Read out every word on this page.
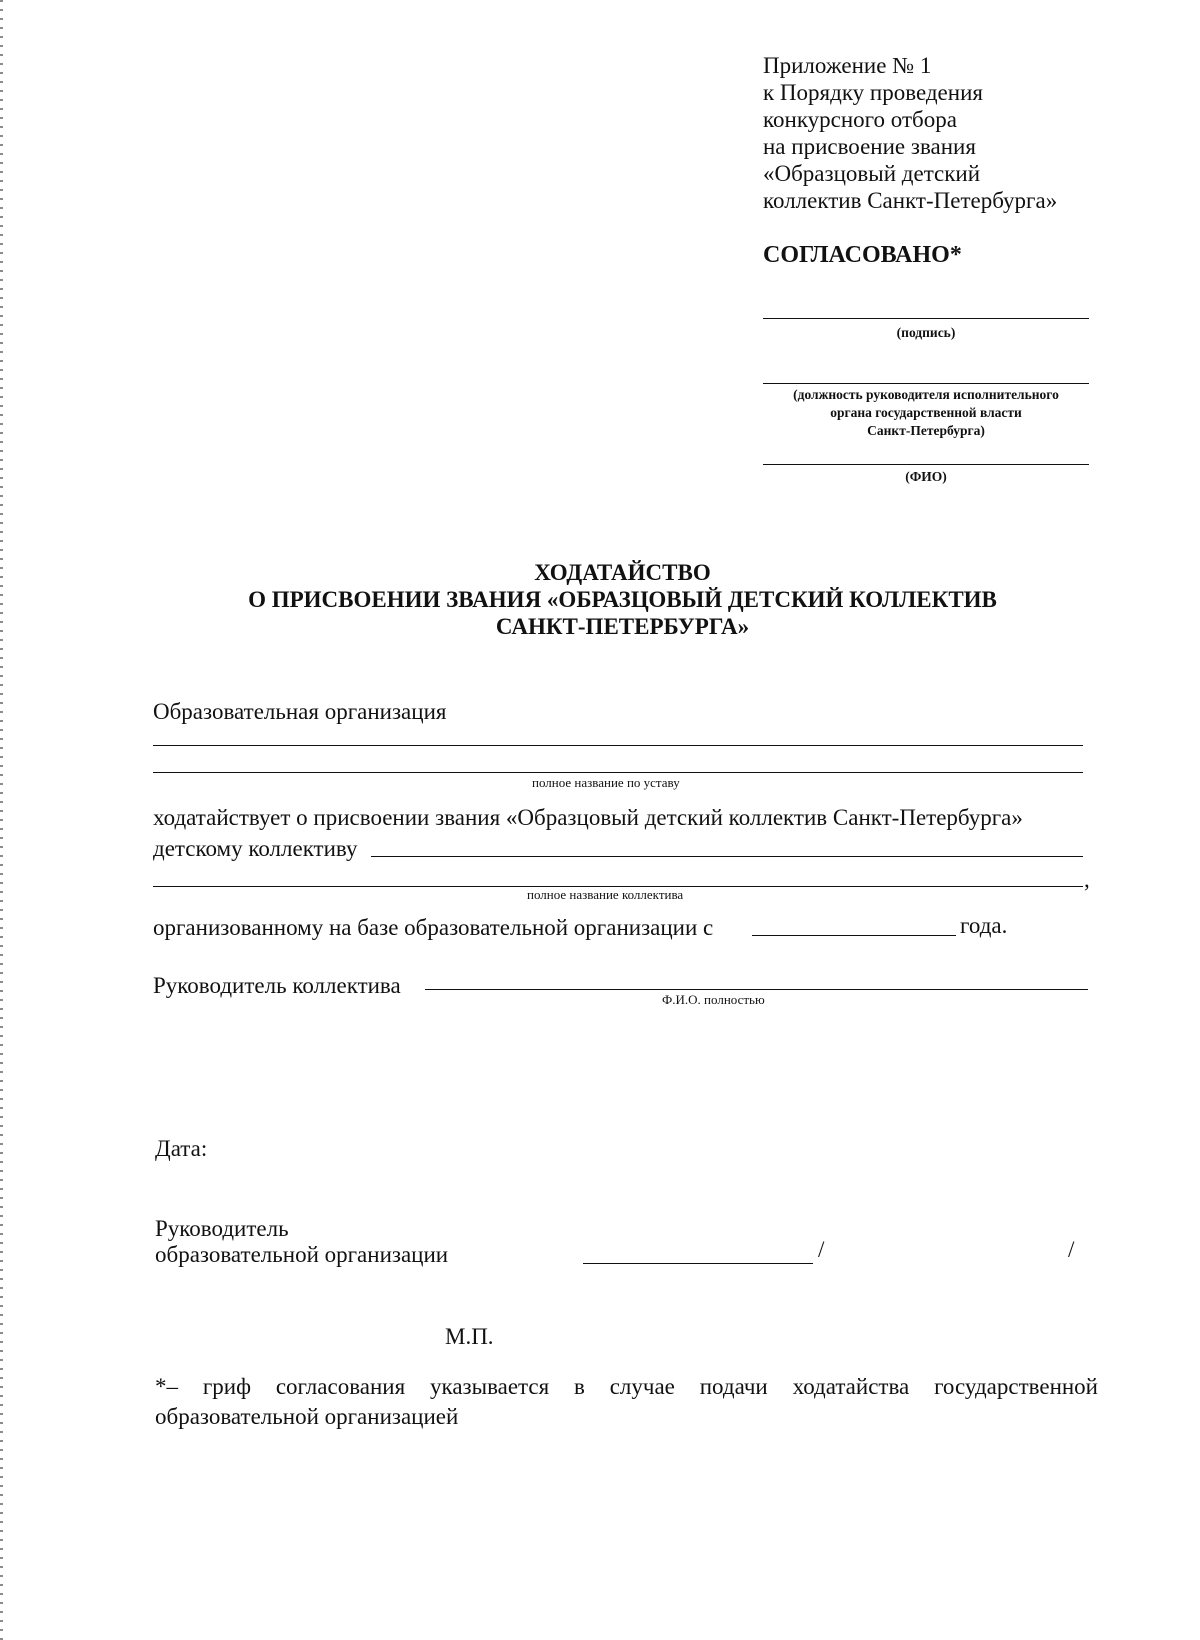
Приложение № 1
к Порядку проведения
конкурсного отбора
на присвоение звания
«Образцовый детский
коллектив Санкт-Петербурга»
СОГЛАСОВАНО*
(подпись)
(должность руководителя исполнительного
органа государственной власти
Санкт-Петербурга)
(ФИО)
ХОДАТАЙСТВО
О ПРИСВОЕНИИ ЗВАНИЯ «ОБРАЗЦОВЫЙ ДЕТСКИЙ КОЛЛЕКТИВ
САНКТ-ПЕТЕРБУРГА»
Образовательная организация
полное название по уставу
ходатайствует о присвоении звания «Образцовый детский коллектив Санкт-Петербурга»
детскому коллективу
,
полное название коллектива
организованному на базе образовательной организации с	года.
Руководитель коллектива
Ф.И.О. полностью
Дата:
Руководитель
образовательной организации	/	/
М.П.
*– гриф согласования указывается в случае подачи ходатайства государственной
образовательной организацией
